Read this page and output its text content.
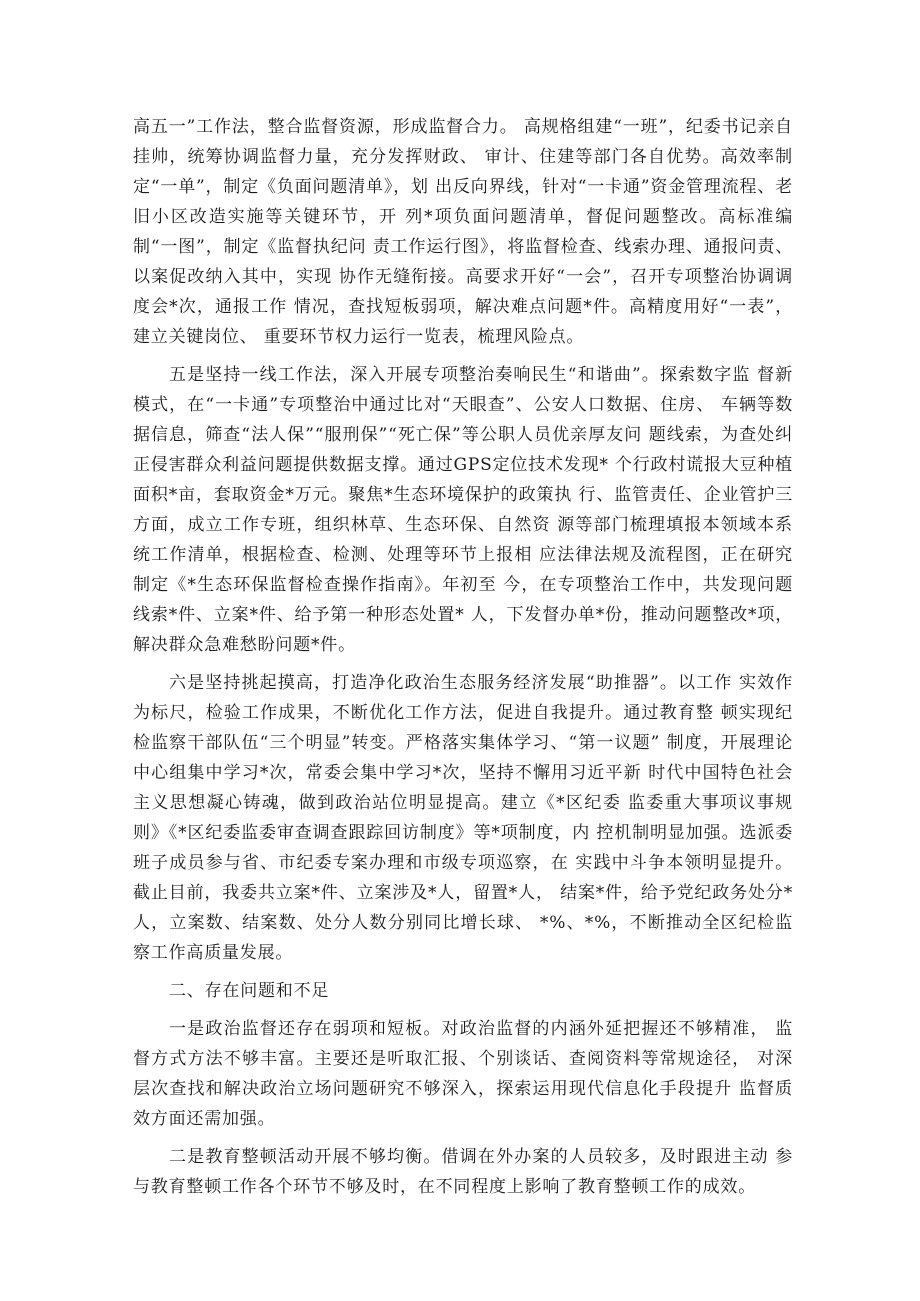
高五一”工作法，整合监督资源，形成监督合力。 高规格组建“一班”，纪委书记亲自挂帅，统筹协调监督力量，充分发挥财政、 审计、住建等部门各自优势。高效率制定“一单”，制定《负面问题清单》，划 出反向界线，针对“一卡通”资金管理流程、老旧小区改造实施等关键环节，开 列*项负面问题清单，督促问题整改。高标准编制“一图”，制定《监督执纪问 责工作运行图》，将监督检查、线索办理、通报问责、以案促改纳入其中，实现 协作无缝衔接。高要求开好“一会”，召开专项整治协调调度会*次，通报工作 情况，查找短板弱项，解决难点问题*件。高精度用好“一表”，建立关键岗位、 重要环节权力运行一览表，梳理风险点。

五是坚持一线工作法，深入开展专项整治奏响民生“和谐曲”。探索数字监 督新模式，在“一卡通”专项整治中通过比对“天眼查”、公安人口数据、住房、 车辆等数据信息，筛查“法人保”“服刑保”“死亡保”等公职人员优亲厚友问 题线索，为查处纠正侵害群众利益问题提供数据支撑。通过GPS定位技术发现* 个行政村谎报大豆种植面积*亩，套取资金*万元。聚焦*生态环境保护的政策执 行、监管责任、企业管护三方面，成立工作专班，组织林草、生态环保、自然资 源等部门梳理填报本领域本系统工作清单，根据检查、检测、处理等环节上报相 应法律法规及流程图，正在研究制定《*生态环保监督检查操作指南》。年初至 今，在专项整治工作中，共发现问题线索*件、立案*件、给予第一种形态处置* 人，下发督办单*份，推动问题整改*项，解决群众急难愁盼问题*件。

六是坚持挑起摸高，打造净化政治生态服务经济发展“助推器”。以工作 实效作为标尺，检验工作成果，不断优化工作方法，促进自我提升。通过教育整 顿实现纪检监察干部队伍“三个明显”转变。严格落实集体学习、“第一议题” 制度，开展理论中心组集中学习*次，常委会集中学习*次，坚持不懈用习近平新 时代中国特色社会主义思想凝心铸魂，做到政治站位明显提高。建立《*区纪委 监委重大事项议事规则》《*区纪委监委审查调查跟踪回访制度》等*项制度，内 控机制明显加强。选派委班子成员参与省、市纪委专案办理和市级专项巡察，在 实践中斗争本领明显提升。截止目前，我委共立案*件、立案涉及*人，留置*人， 结案*件，给予党纪政务处分*人，立案数、结案数、处分人数分别同比增长球、 *%、*%，不断推动全区纪检监察工作高质量发展。

二、存在问题和不足

一是政治监督还存在弱项和短板。对政治监督的内涵外延把握还不够精准， 监督方式方法不够丰富。主要还是听取汇报、个别谈话、查阅资料等常规途径， 对深层次查找和解决政治立场问题研究不够深入，探索运用现代信息化手段提升 监督质效方面还需加强。

二是教育整顿活动开展不够均衡。借调在外办案的人员较多，及时跟进主动 参与教育整顿工作各个环节不够及时，在不同程度上影响了教育整顿工作的成效。
